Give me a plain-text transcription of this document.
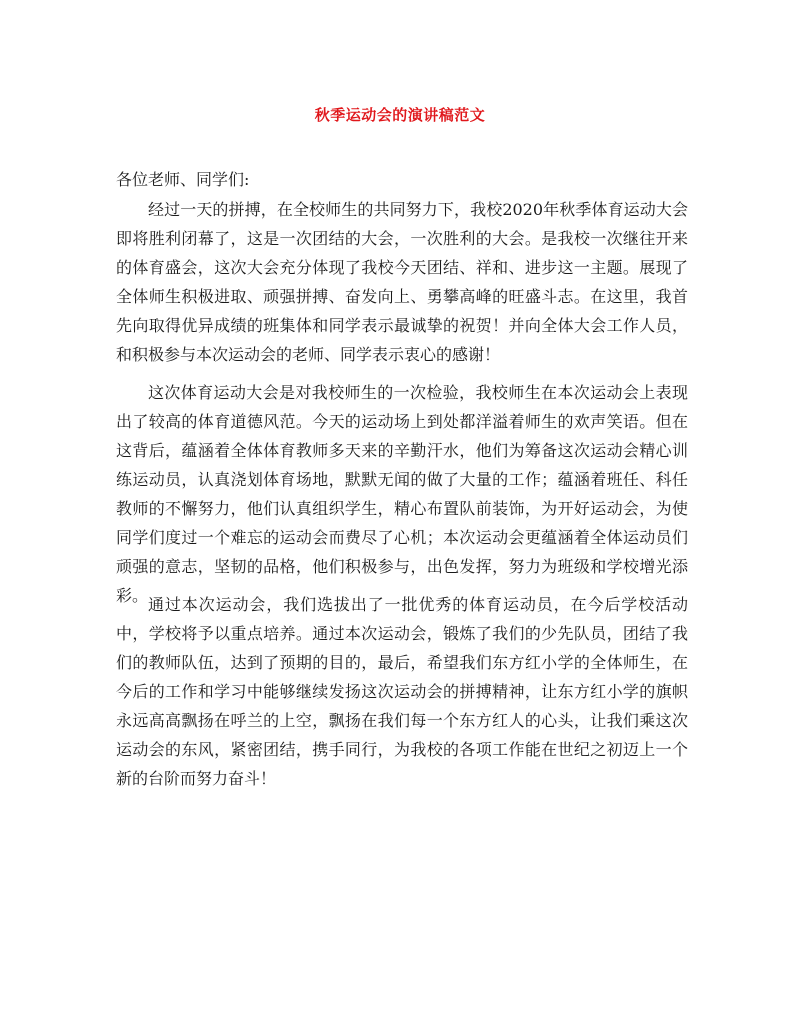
秋季运动会的演讲稿范文
各位老师、同学们:

经过一天的拼搏，在全校师生的共同努力下，我校2020年秋季体育运动大会即将胜利闭幕了，这是一次团结的大会，一次胜利的大会。是我校一次继往开来的体育盛会，这次大会充分体现了我校今天团结、祥和、进步这一主题。展现了全体师生积极进取、顽强拼搏、奋发向上、勇攀高峰的旺盛斗志。在这里，我首先向取得优异成绩的班集体和同学表示最诚挚的祝贺！并向全体大会工作人员，和积极参与本次运动会的老师、同学表示衷心的感谢！

这次体育运动大会是对我校师生的一次检验，我校师生在本次运动会上表现出了较高的体育道德风范。今天的运动场上到处都洋溢着师生的欢声笑语。但在这背后，蕴涵着全体体育教师多天来的辛勤汗水，他们为筹备这次运动会精心训练运动员，认真浇划体育场地，默默无闻的做了大量的工作；蕴涵着班任、科任教师的不懈努力，他们认真组织学生，精心布置队前装饰，为开好运动会，为使同学们度过一个难忘的运动会而费尽了心机；本次运动会更蕴涵着全体运动员们顽强的意志，坚韧的品格，他们积极参与，出色发挥，努力为班级和学校增光添彩。 通过本次运动会，我们选拔出了一批优秀的体育运动员，在今后学校活动中，学校将予以重点培养。通过本次运动会，锻炼了我们的少先队员，团结了我们的教师队伍，达到了预期的目的，最后，希望我们东方红小学的全体师生，在今后的工作和学习中能够继续发扬这次运动会的拼搏精神，让东方红小学的旗帜永远高高飘扬在呼兰的上空，飘扬在我们每一个东方红人的心头，让我们乘这次运动会的东风，紧密团结，携手同行，为我校的各项工作能在世纪之初迈上一个新的台阶而努力奋斗！
